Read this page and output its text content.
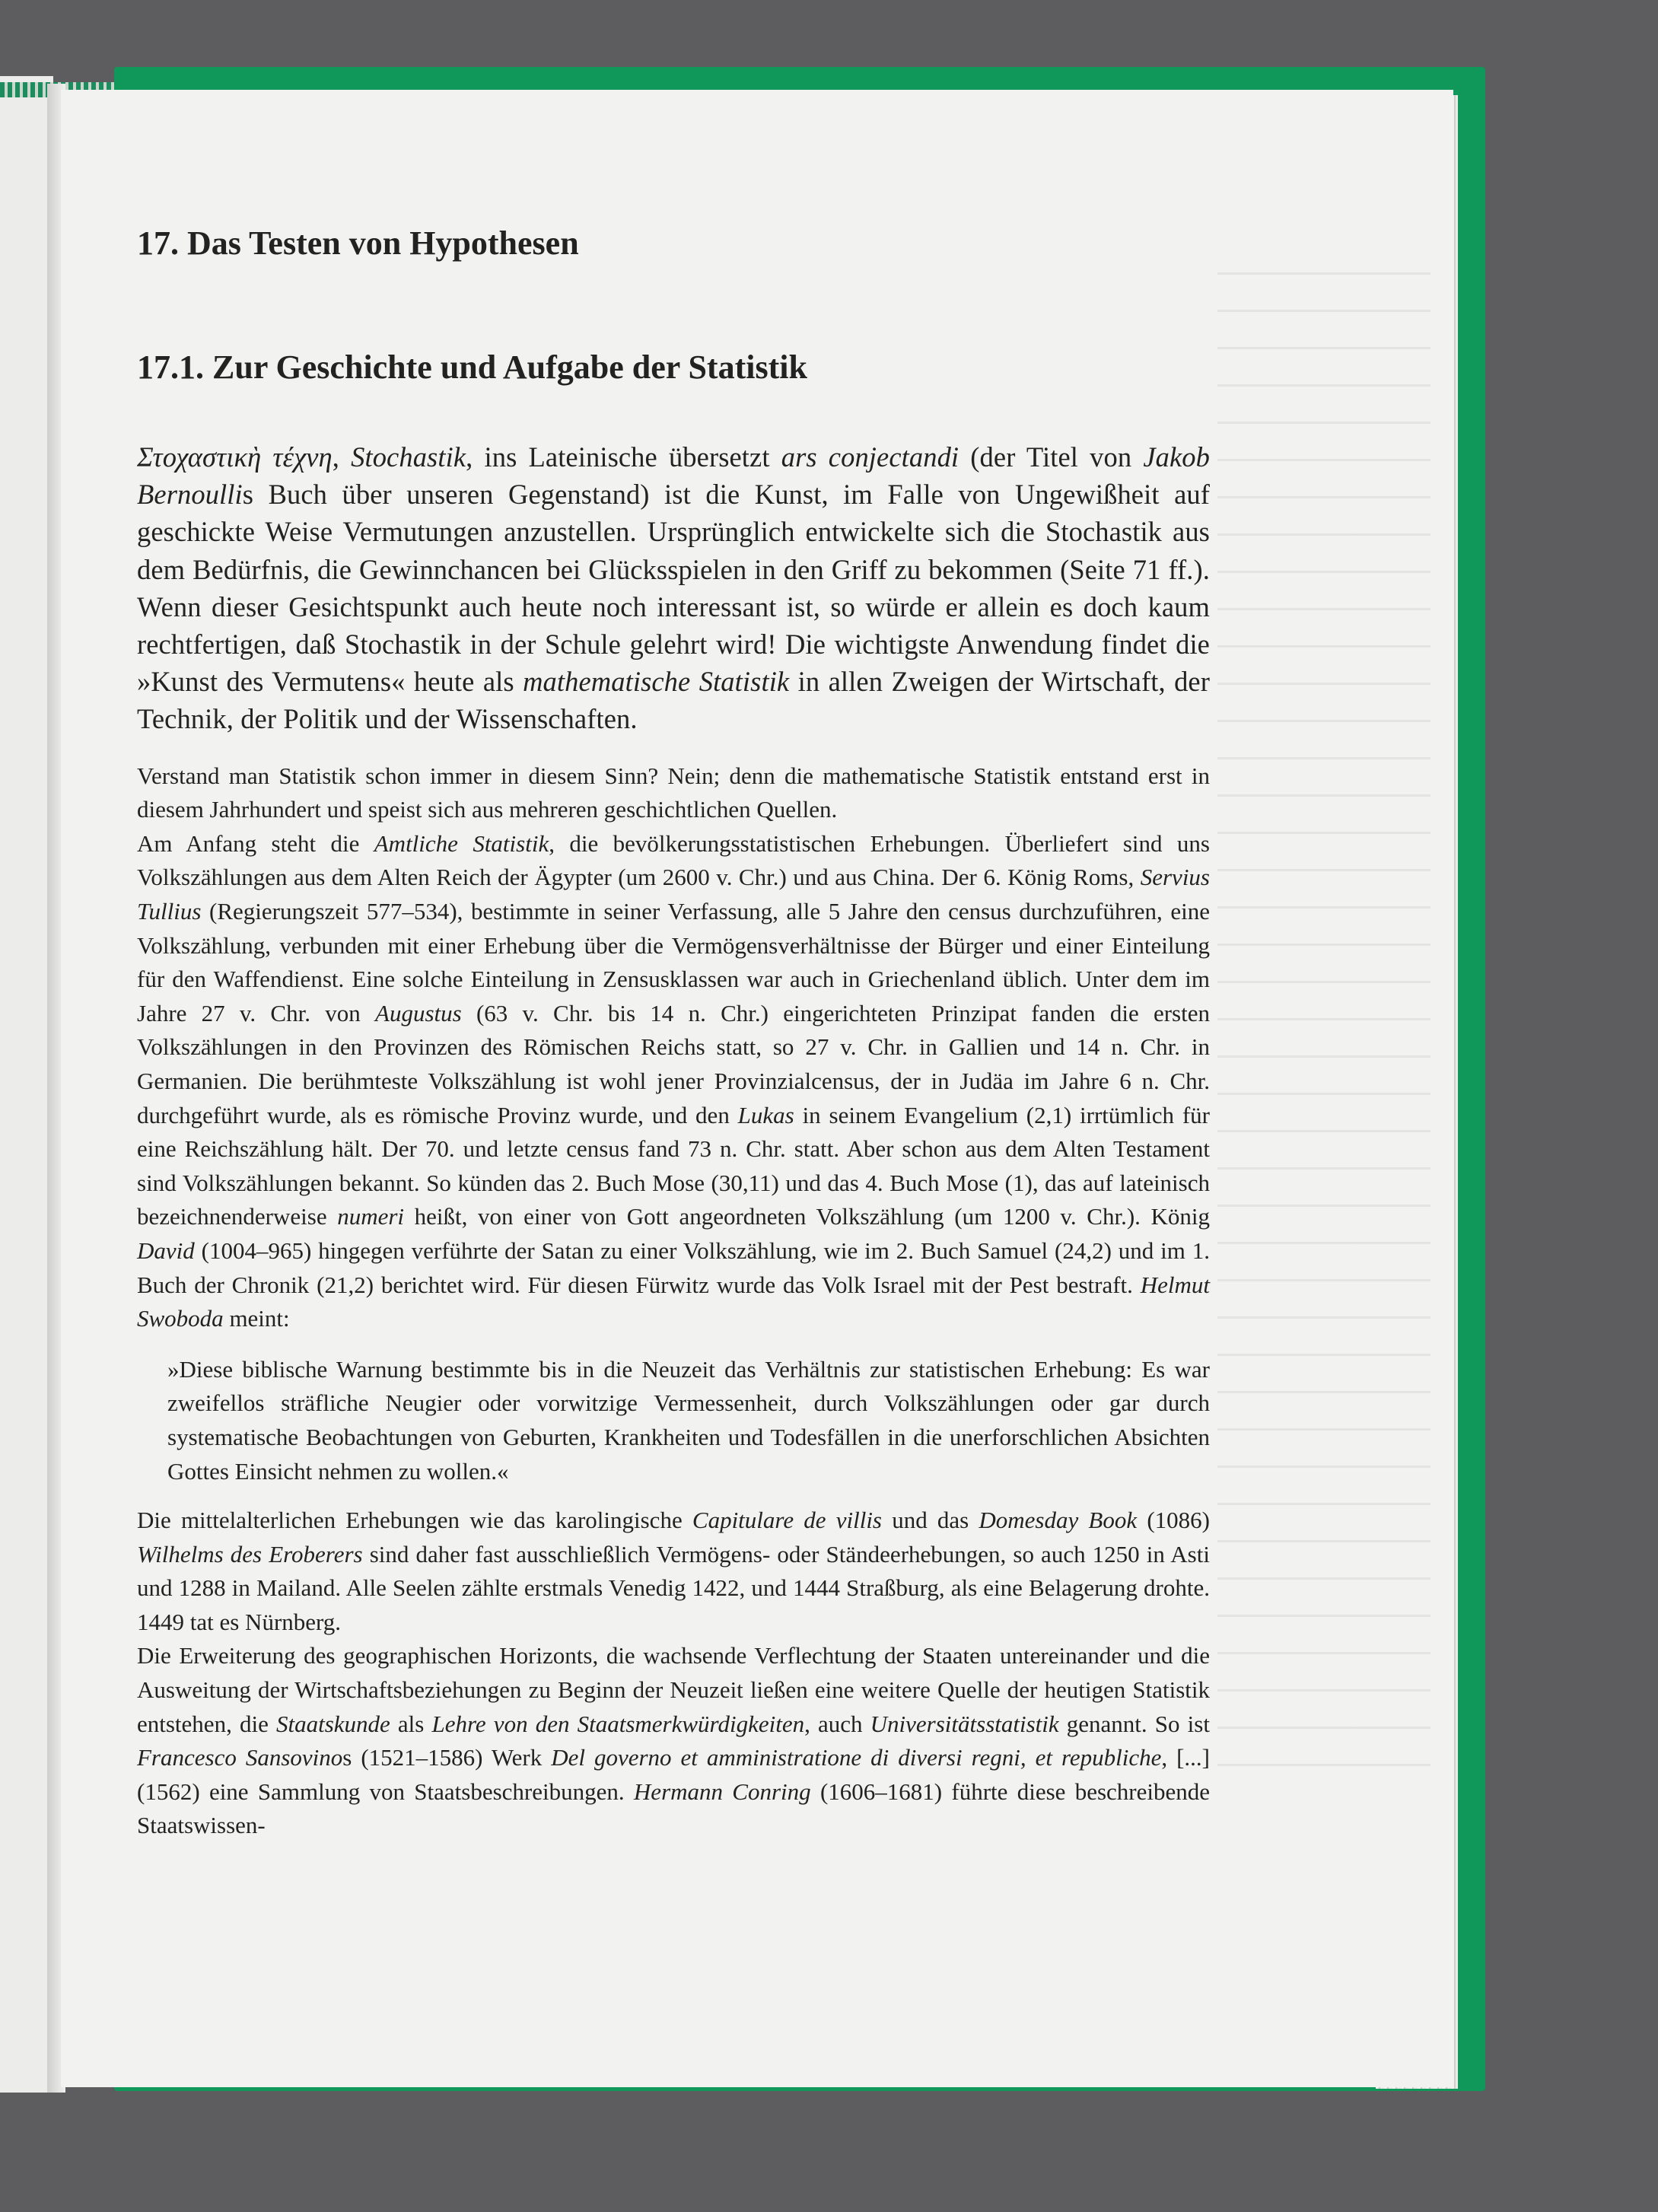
17. Das Testen von Hypothesen
17.1. Zur Geschichte und Aufgabe der Statistik

Στοχαστικὴ τέχνη, Stochastik, ins Lateinische übersetzt ars conjectandi (der Titel von Jakob Bernoullis Buch über unseren Gegenstand) ist die Kunst, im Falle von Ungewißheit auf geschickte Weise Vermutungen anzustellen. Ursprünglich entwickelte sich die Stochastik aus dem Bedürfnis, die Gewinnchancen bei Glücksspielen in den Griff zu bekommen (Seite 71 ff.). Wenn dieser Gesichtspunkt auch heute noch interessant ist, so würde er allein es doch kaum rechtfertigen, daß Stochastik in der Schule gelehrt wird! Die wichtigste Anwendung findet die »Kunst des Vermutens« heute als mathematische Statistik in allen Zweigen der Wirtschaft, der Technik, der Politik und der Wissenschaften.

Verstand man Statistik schon immer in diesem Sinn? Nein; denn die mathematische Statistik entstand erst in diesem Jahrhundert und speist sich aus mehreren geschichtlichen Quellen.

Am Anfang steht die Amtliche Statistik, die bevölkerungsstatistischen Erhebungen. Überliefert sind uns Volkszählungen aus dem Alten Reich der Ägypter (um 2600 v. Chr.) und aus China. Der 6. König Roms, Servius Tullius (Regierungszeit 577–534), bestimmte in seiner Verfassung, alle 5 Jahre den census durchzuführen, eine Volkszählung, verbunden mit einer Erhebung über die Vermögensverhältnisse der Bürger und einer Einteilung für den Waffendienst. Eine solche Einteilung in Zensusklassen war auch in Griechenland üblich. Unter dem im Jahre 27 v. Chr. von Augustus (63 v. Chr. bis 14 n. Chr.) eingerichteten Prinzipat fanden die ersten Volkszählungen in den Provinzen des Römischen Reichs statt, so 27 v. Chr. in Gallien und 14 n. Chr. in Germanien. Die berühmteste Volkszählung ist wohl jener Provinzialcensus, der in Judäa im Jahre 6 n. Chr. durchgeführt wurde, als es römische Provinz wurde, und den Lukas in seinem Evangelium (2,1) irrtümlich für eine Reichszählung hält. Der 70. und letzte census fand 73 n. Chr. statt. Aber schon aus dem Alten Testament sind Volkszählungen bekannt. So künden das 2. Buch Mose (30,11) und das 4. Buch Mose (1), das auf lateinisch bezeichnenderweise numeri heißt, von einer von Gott angeordneten Volkszählung (um 1200 v. Chr.). König David (1004–965) hingegen verführte der Satan zu einer Volkszählung, wie im 2. Buch Samuel (24,2) und im 1. Buch der Chronik (21,2) berichtet wird. Für diesen Fürwitz wurde das Volk Israel mit der Pest bestraft. Helmut Swoboda meint:

»Diese biblische Warnung bestimmte bis in die Neuzeit das Verhältnis zur statistischen Erhebung: Es war zweifellos sträfliche Neugier oder vorwitzige Vermessenheit, durch Volkszählungen oder gar durch systematische Beobachtungen von Geburten, Krankheiten und Todesfällen in die unerforschlichen Absichten Gottes Einsicht nehmen zu wollen.«

Die mittelalterlichen Erhebungen wie das karolingische Capitulare de villis und das Domesday Book (1086) Wilhelms des Eroberers sind daher fast ausschließlich Vermögens- oder Ständeerhebungen, so auch 1250 in Asti und 1288 in Mailand. Alle Seelen zählte erstmals Venedig 1422, und 1444 Straßburg, als eine Belagerung drohte. 1449 tat es Nürnberg.

Die Erweiterung des geographischen Horizonts, die wachsende Verflechtung der Staaten untereinander und die Ausweitung der Wirtschaftsbeziehungen zu Beginn der Neuzeit ließen eine weitere Quelle der heutigen Statistik entstehen, die Staatskunde als Lehre von den Staatsmerkwürdigkeiten, auch Universitätsstatistik genannt. So ist Francesco Sansovinos (1521–1586) Werk Del governo et amministratione di diversi regni, et republiche, [...] (1562) eine Sammlung von Staatsbeschreibungen. Hermann Conring (1606–1681) führte diese beschreibende Staatswissen-
